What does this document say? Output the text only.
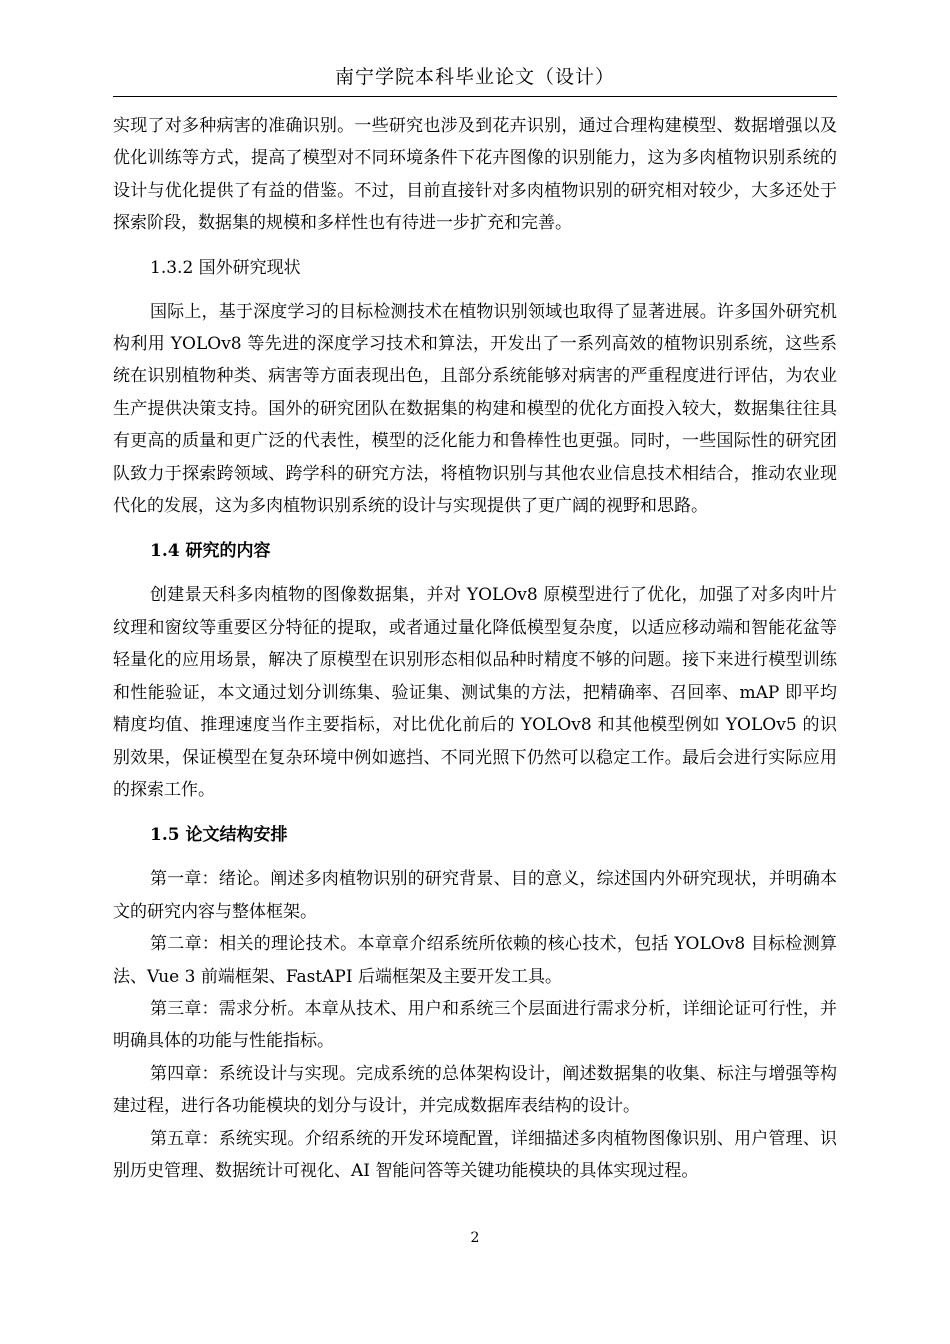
南宁学院本科毕业论文（设计）

实现了对多种病害的准确识别。一些研究也涉及到花卉识别，通过合理构建模型、数据增强以及优化训练等方式，提高了模型对不同环境条件下花卉图像的识别能力，这为多肉植物识别系统的设计与优化提供了有益的借鉴。不过，目前直接针对多肉植物识别的研究相对较少，大多还处于探索阶段，数据集的规模和多样性也有待进一步扩充和完善。

1.3.2 国外研究现状

国际上，基于深度学习的目标检测技术在植物识别领域也取得了显著进展。许多国外研究机构利用 YOLOv8 等先进的深度学习技术和算法，开发出了一系列高效的植物识别系统，这些系统在识别植物种类、病害等方面表现出色，且部分系统能够对病害的严重程度进行评估，为农业生产提供决策支持。国外的研究团队在数据集的构建和模型的优化方面投入较大，数据集往往具有更高的质量和更广泛的代表性，模型的泛化能力和鲁棒性也更强。同时，一些国际性的研究团队致力于探索跨领域、跨学科的研究方法，将植物识别与其他农业信息技术相结合，推动农业现代化的发展，这为多肉植物识别系统的设计与实现提供了更广阔的视野和思路。

1.4 研究的内容

创建景天科多肉植物的图像数据集，并对 YOLOv8 原模型进行了优化，加强了对多肉叶片纹理和窗纹等重要区分特征的提取，或者通过量化降低模型复杂度，以适应移动端和智能花盆等轻量化的应用场景，解决了原模型在识别形态相似品种时精度不够的问题。接下来进行模型训练和性能验证，本文通过划分训练集、验证集、测试集的方法，把精确率、召回率、mAP 即平均精度均值、推理速度当作主要指标，对比优化前后的 YOLOv8 和其他模型例如 YOLOv5 的识别效果，保证模型在复杂环境中例如遮挡、不同光照下仍然可以稳定工作。最后会进行实际应用的探索工作。

1.5 论文结构安排

第一章：绪论。阐述多肉植物识别的研究背景、目的意义，综述国内外研究现状，并明确本文的研究内容与整体框架。

第二章：相关的理论技术。本章章介绍系统所依赖的核心技术，包括 YOLOv8 目标检测算法、Vue 3 前端框架、FastAPI 后端框架及主要开发工具。

第三章：需求分析。本章从技术、用户和系统三个层面进行需求分析，详细论证可行性，并明确具体的功能与性能指标。

第四章：系统设计与实现。完成系统的总体架构设计，阐述数据集的收集、标注与增强等构建过程，进行各功能模块的划分与设计，并完成数据库表结构的设计。

第五章：系统实现。介绍系统的开发环境配置，详细描述多肉植物图像识别、用户管理、识别历史管理、数据统计可视化、AI 智能问答等关键功能模块的具体实现过程。

2
